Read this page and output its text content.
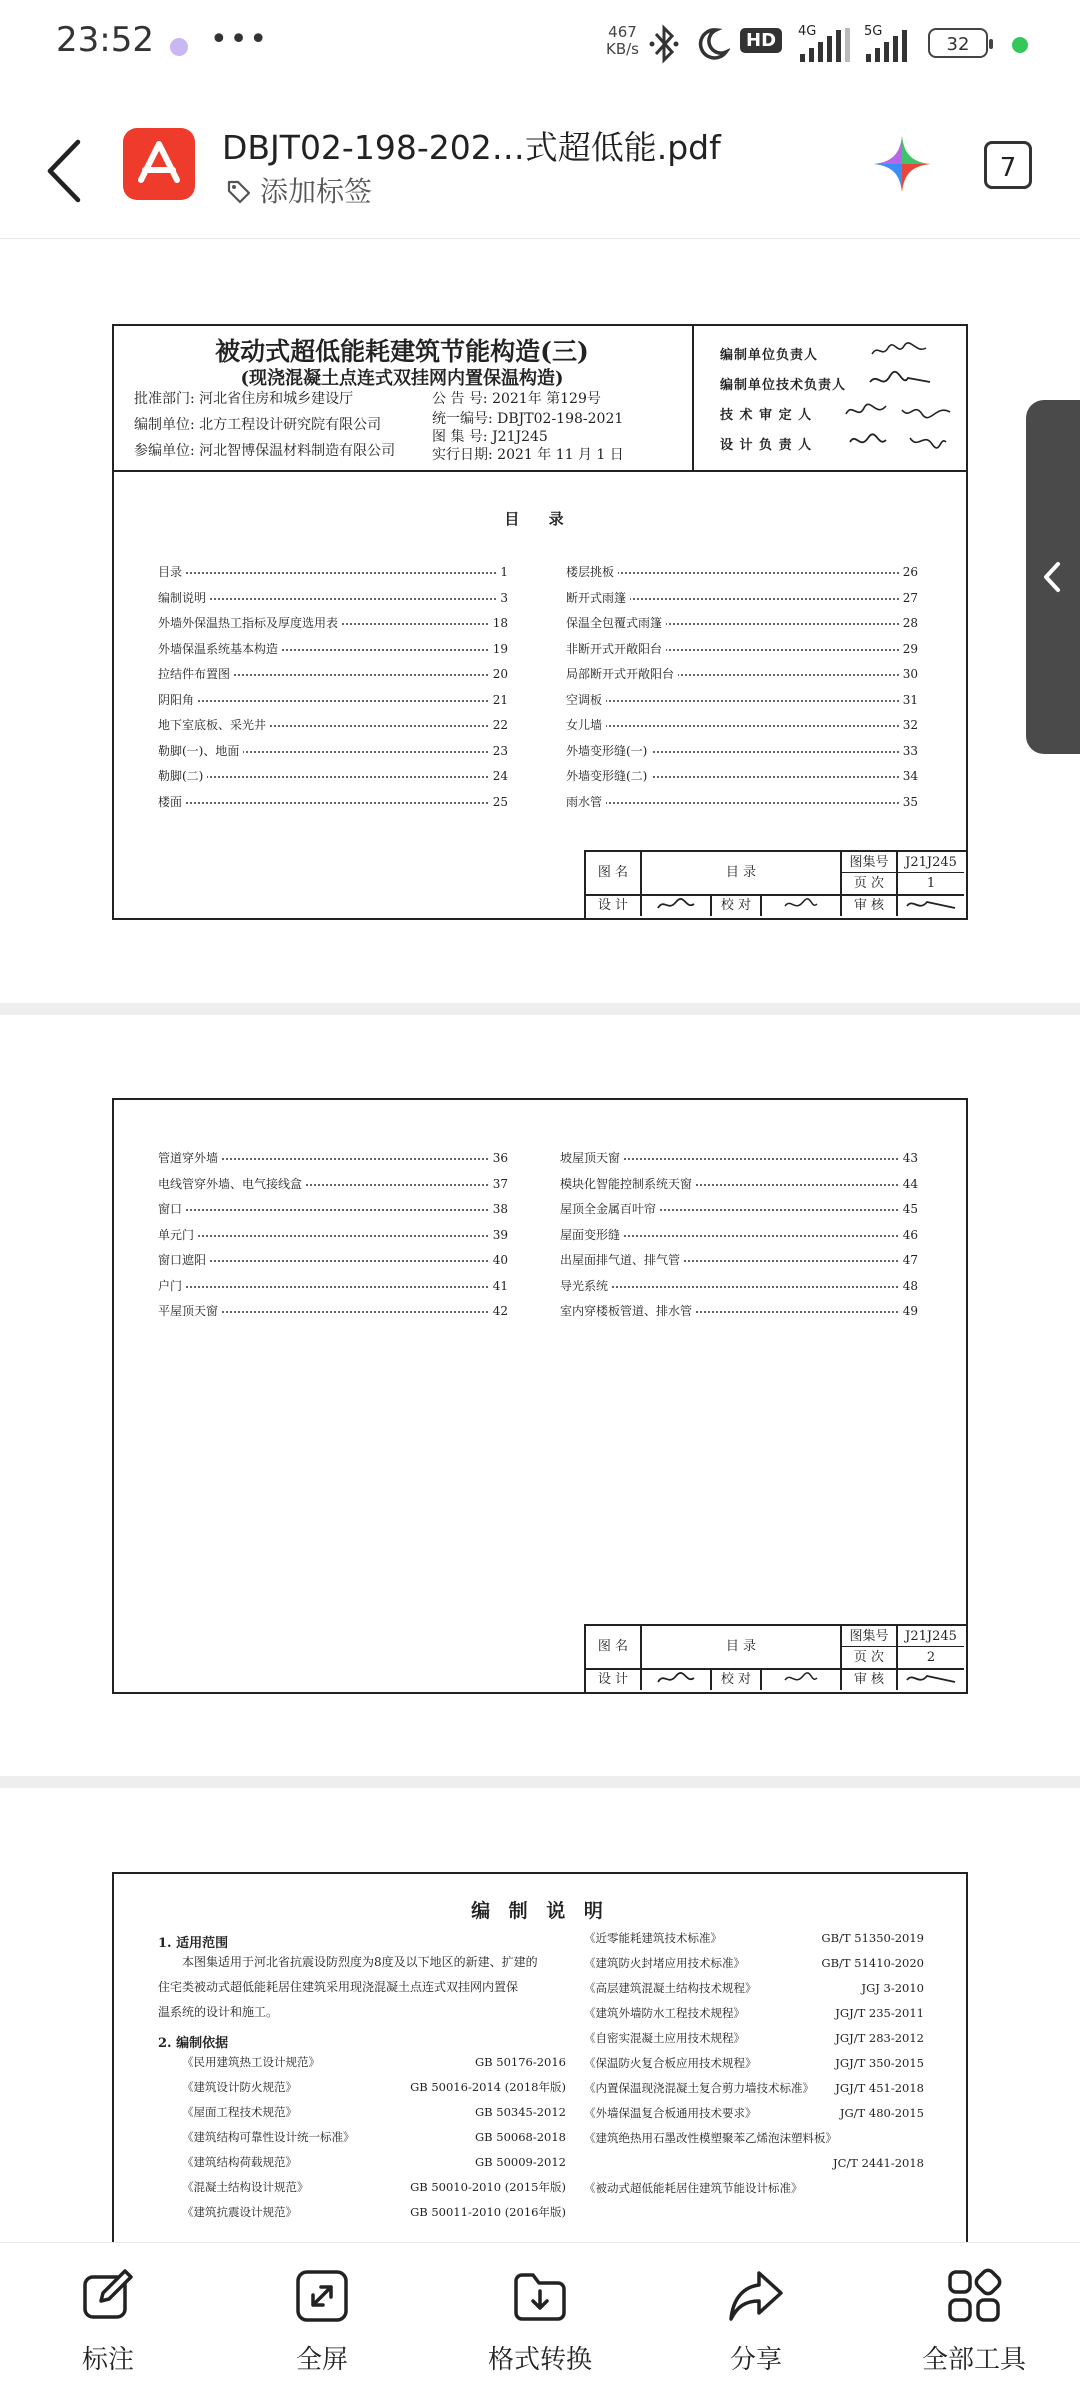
23:52 •••	467
KB/s	HD	4G	5G
32
DBJT02-198-202…式超低能.pdf
添加标签
7
被动式超低能耗建筑节能构造(三)
(现浇混凝土点连式双挂网内置保温构造)
批准部门: 河北省住房和城乡建设厅
编制单位: 北方工程设计研究院有限公司
参编单位: 河北智博保温材料制造有限公司
公 告 号: 2021年 第129号
统一编号: DBJT02-198-2021
图 集 号: J21J245
实行日期: 2021 年 11 月 1 日
编制单位负责人
编制单位技术负责人
技 术 审 定 人
设 计 负 责 人
目 录
目录	1
编制说明	3
外墙外保温热工指标及厚度选用表	18
外墙保温系统基本构造	19
拉结件布置图	20
阴阳角	21
地下室底板、采光井	22
勒脚(一)、地面	23
勒脚(二)	24
楼面	25
楼层挑板	26
断开式雨篷	27
保温全包覆式雨篷	28
非断开式开敞阳台	29
局部断开式开敞阳台	30
空调板	31
女儿墙	32
外墙变形缝(一)	33
外墙变形缝(二)	34
雨水管	35
图 名	目 录
图集号	J21J245
页 次	1
设 计	校 对	审 核
管道穿外墙	36
电线管穿外墙、电气接线盒	37
窗口	38
单元门	39
窗口遮阳	40
户门	41
平屋顶天窗	42
坡屋顶天窗	43
模块化智能控制系统天窗	44
屋顶全金属百叶帘	45
屋面变形缝	46
出屋面排气道、排气管	47
导光系统	48
室内穿楼板管道、排水管	49
图 名	目 录
图集号	J21J245
页 次	2
设 计	校 对	审 核
编 制 说 明
1. 适用范围
本图集适用于河北省抗震设防烈度为8度及以下地区的新建、扩建的
住宅类被动式超低能耗居住建筑采用现浇混凝土点连式双挂网内置保
温系统的设计和施工。
2. 编制依据
《民用建筑热工设计规范》	GB 50176-2016
《建筑设计防火规范》	GB 50016-2014 (2018年版)
《屋面工程技术规范》	GB 50345-2012
《建筑结构可靠性设计统一标准》	GB 50068-2018
《建筑结构荷载规范》	GB 50009-2012
《混凝土结构设计规范》	GB 50010-2010 (2015年版)
《建筑抗震设计规范》	GB 50011-2010 (2016年版)
《近零能耗建筑技术标准》	GB/T 51350-2019
《建筑防火封堵应用技术标准》	GB/T 51410-2020
《高层建筑混凝土结构技术规程》	JGJ 3-2010
《建筑外墙防水工程技术规程》	JGJ/T 235-2011
《自密实混凝土应用技术规程》	JGJ/T 283-2012
《保温防火复合板应用技术规程》	JGJ/T 350-2015
《内置保温现浇混凝土复合剪力墙技术标准》 JGJ/T 451-2018
《外墙保温复合板通用技术要求》	JG/T 480-2015
《建筑绝热用石墨改性模塑聚苯乙烯泡沫塑料板》
JC/T 2441-2018
《被动式超低能耗居住建筑节能设计标准》
标注	全屏	格式转换	分享	全部工具
